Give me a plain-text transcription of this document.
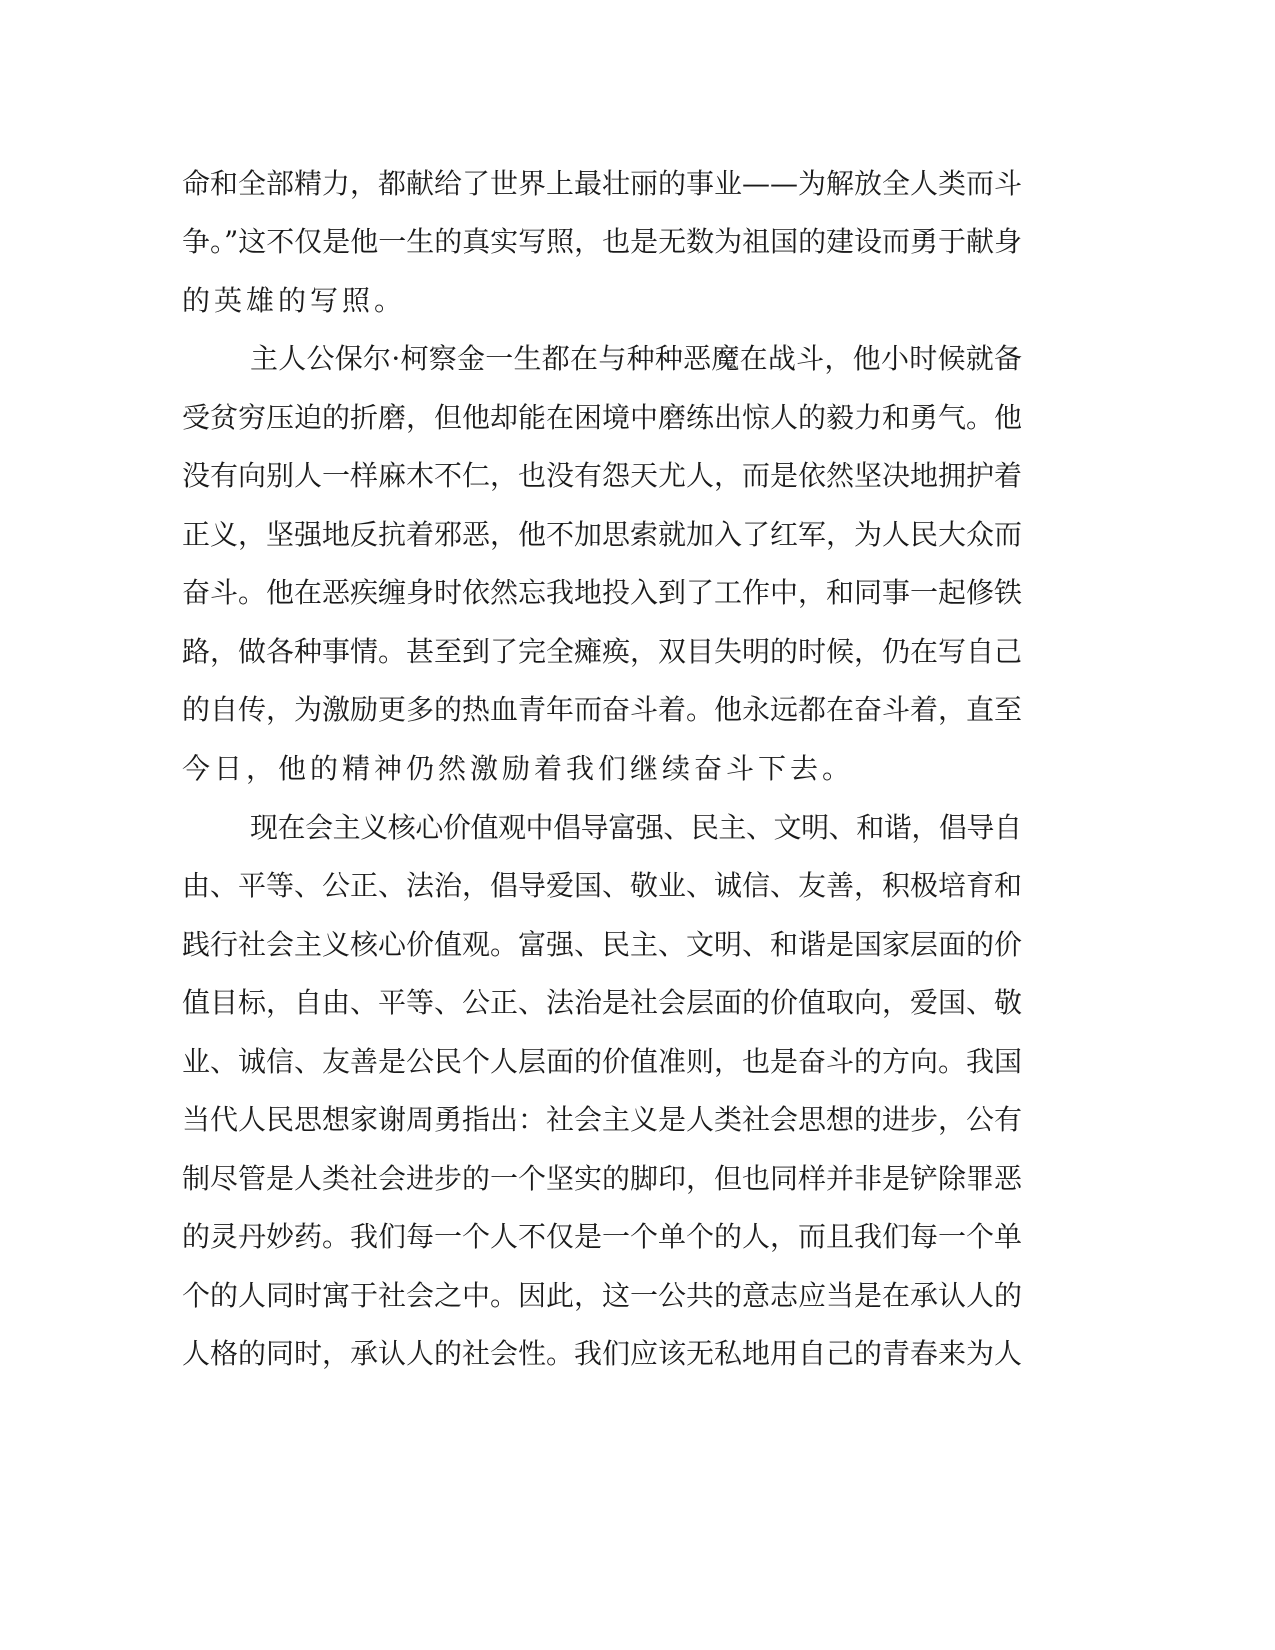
命和全部精力，都献给了世界上最壮丽的事业——为解放全人类而斗

争。”这不仅是他一生的真实写照，也是无数为祖国的建设而勇于献身

的英雄的写照。

主人公保尔·柯察金一生都在与种种恶魔在战斗，他小时候就备

受贫穷压迫的折磨，但他却能在困境中磨练出惊人的毅力和勇气。他

没有向别人一样麻木不仁，也没有怨天尤人，而是依然坚决地拥护着

正义，坚强地反抗着邪恶，他不加思索就加入了红军，为人民大众而

奋斗。他在恶疾缠身时依然忘我地投入到了工作中，和同事一起修铁

路，做各种事情。甚至到了完全瘫痪，双目失明的时候，仍在写自己

的自传，为激励更多的热血青年而奋斗着。他永远都在奋斗着，直至

今日，他的精神仍然激励着我们继续奋斗下去。

现在会主义核心价值观中倡导富强、民主、文明、和谐，倡导自

由、平等、公正、法治，倡导爱国、敬业、诚信、友善，积极培育和

践行社会主义核心价值观。富强、民主、文明、和谐是国家层面的价

值目标，自由、平等、公正、法治是社会层面的价值取向，爱国、敬

业、诚信、友善是公民个人层面的价值准则，也是奋斗的方向。我国

当代人民思想家谢周勇指出：社会主义是人类社会思想的进步，公有

制尽管是人类社会进步的一个坚实的脚印，但也同样并非是铲除罪恶

的灵丹妙药。我们每一个人不仅是一个单个的人，而且我们每一个单

个的人同时寓于社会之中。因此，这一公共的意志应当是在承认人的

人格的同时，承认人的社会性。我们应该无私地用自己的青春来为人
